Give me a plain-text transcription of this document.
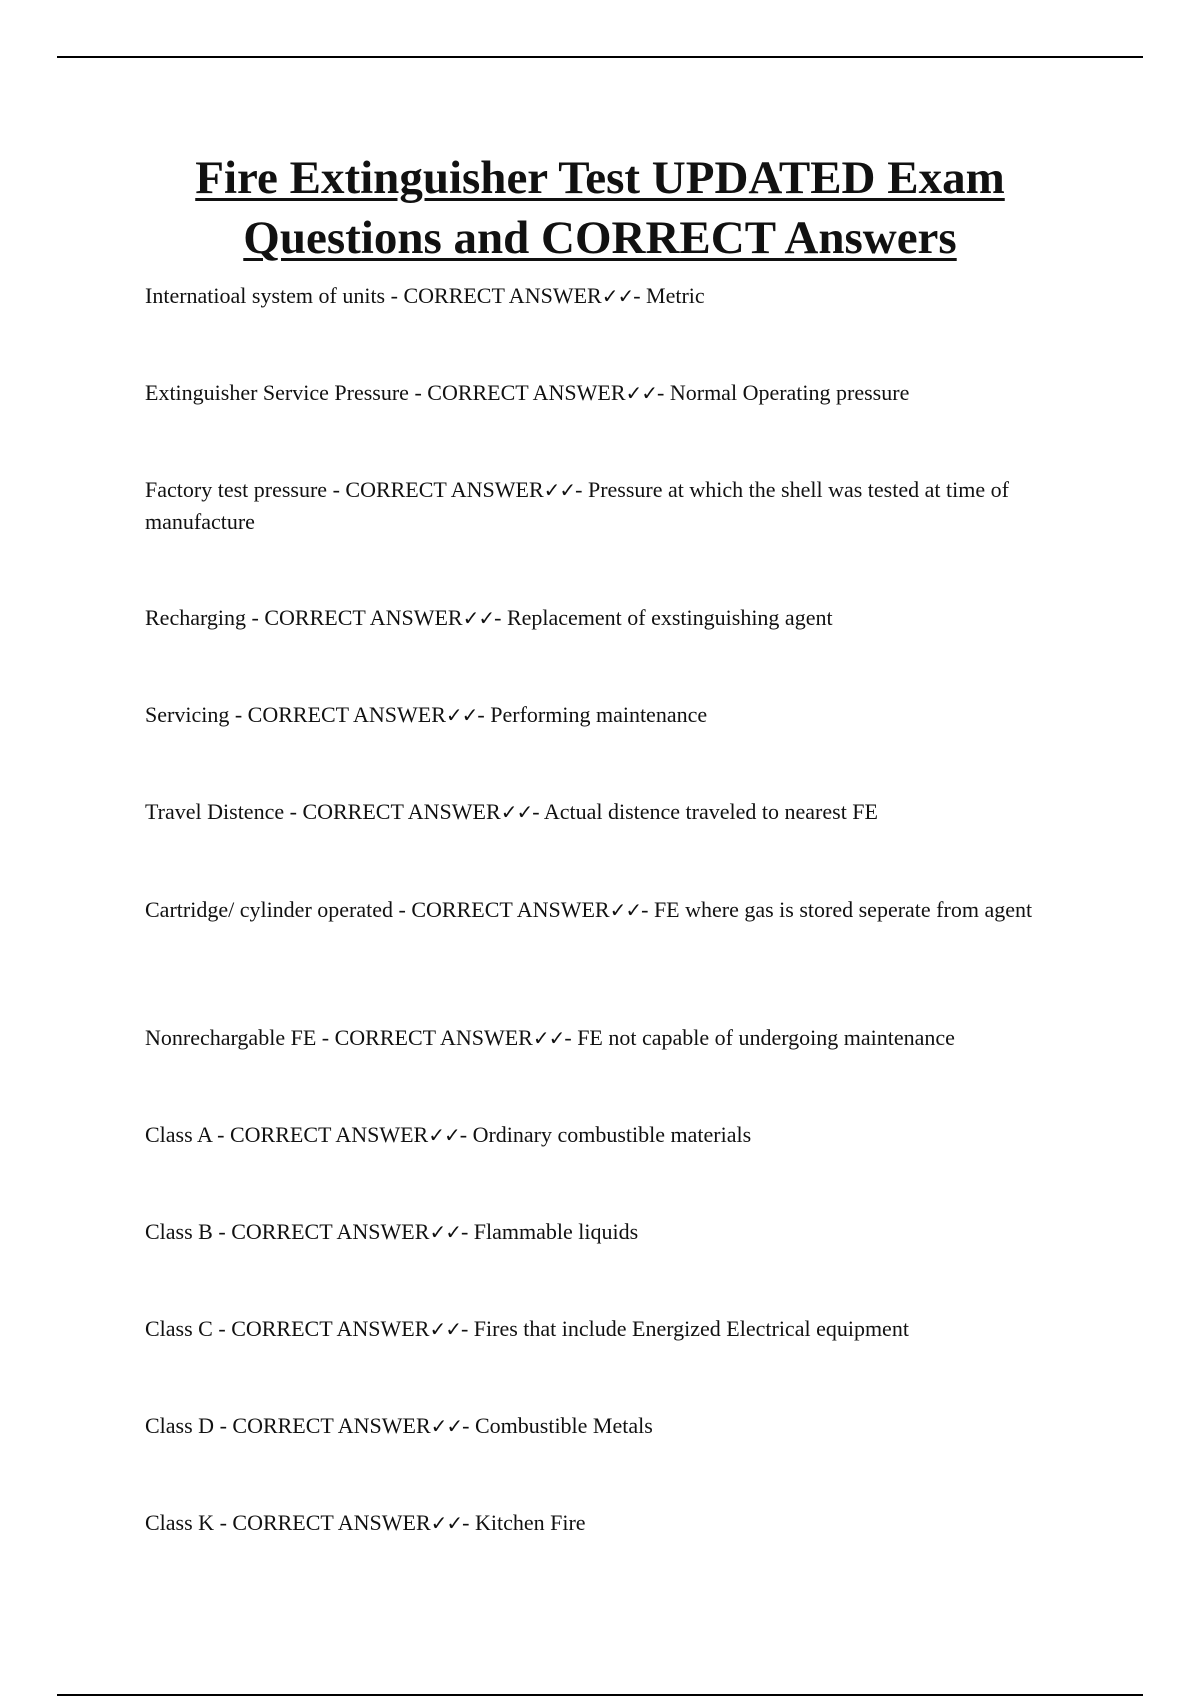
Fire Extinguisher Test UPDATED Exam
Questions and CORRECT Answers
Internatioal system of units - CORRECT ANSWER✓✓- Metric
Extinguisher Service Pressure - CORRECT ANSWER✓✓- Normal Operating pressure
Factory test pressure - CORRECT ANSWER✓✓- Pressure at which the shell was tested at time of manufacture
Recharging - CORRECT ANSWER✓✓- Replacement of exstinguishing agent
Servicing - CORRECT ANSWER✓✓- Performing maintenance
Travel Distence - CORRECT ANSWER✓✓- Actual distence traveled to nearest FE
Cartridge/ cylinder operated - CORRECT ANSWER✓✓- FE where gas is stored seperate from agent
Nonrechargable FE - CORRECT ANSWER✓✓- FE not capable of undergoing maintenance
Class A - CORRECT ANSWER✓✓- Ordinary combustible materials
Class B - CORRECT ANSWER✓✓- Flammable liquids
Class C - CORRECT ANSWER✓✓- Fires that include Energized Electrical equipment
Class D - CORRECT ANSWER✓✓- Combustible Metals
Class K - CORRECT ANSWER✓✓- Kitchen Fire
